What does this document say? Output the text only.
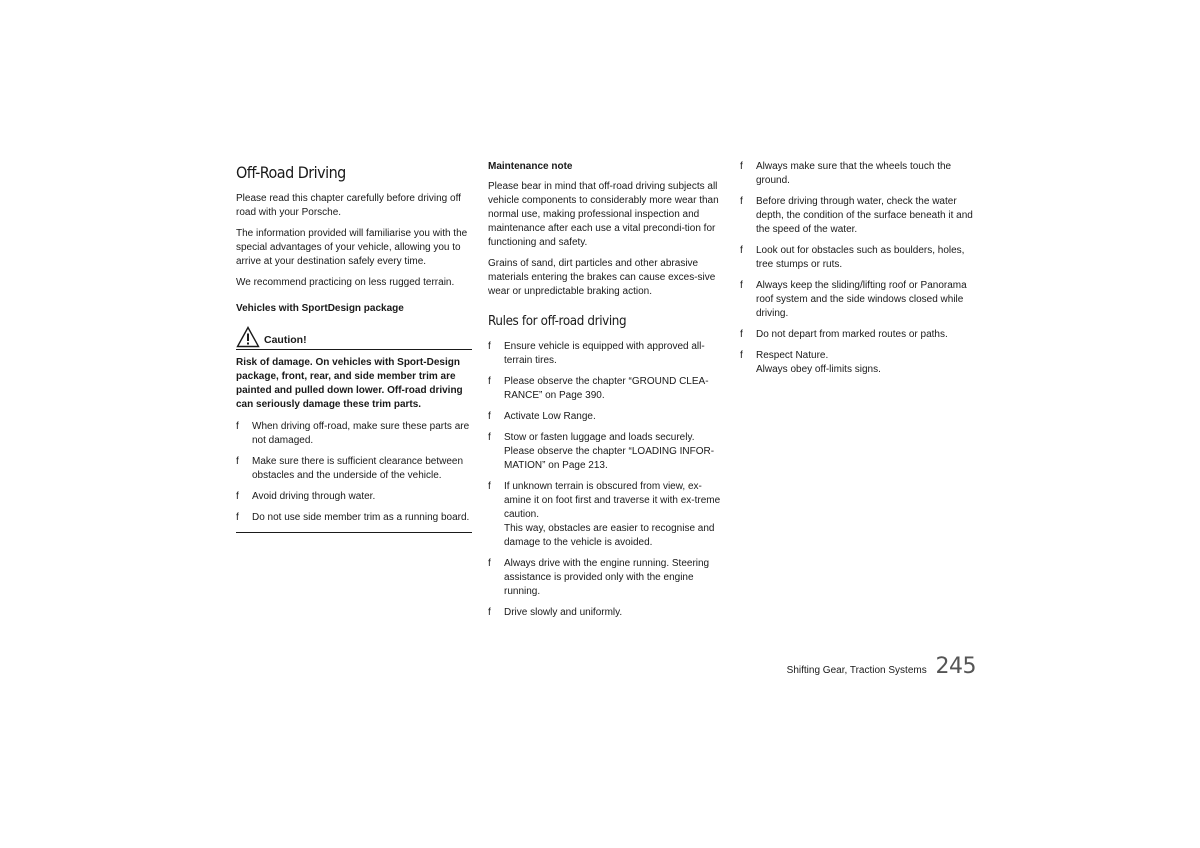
Off-Road Driving

Please read this chapter carefully before driving off road with your Porsche.

The information provided will familiarise you with the special advantages of your vehicle, allowing you to arrive at your destination safely every time.

We recommend practicing on less rugged terrain.

Vehicles with SportDesign package
Caution!

Risk of damage. On vehicles with Sport-Design package, front, rear, and side member trim are painted and pulled down lower. Off-road driving can seriously damage these trim parts.

f When driving off-road, make sure these parts are not damaged.
f Make sure there is sufficient clearance between obstacles and the underside of the vehicle.
f Avoid driving through water.
f Do not use side member trim as a running board.
Maintenance note

Please bear in mind that off-road driving subjects all vehicle components to considerably more wear than normal use, making professional inspection and maintenance after each use a vital precondi-tion for functioning and safety.

Grains of sand, dirt particles and other abrasive materials entering the brakes can cause exces-sive wear or unpredictable braking action.

Rules for off-road driving
f Ensure vehicle is equipped with approved all-terrain tires.
f Please observe the chapter “GROUND CLEA-RANCE” on Page 390.
f Activate Low Range.
f Stow or fasten luggage and loads securely. Please observe the chapter “LOADING INFOR-MATION” on Page 213.
f If unknown terrain is obscured from view, ex-amine it on foot first and traverse it with ex-treme caution.
This way, obstacles are easier to recognise and damage to the vehicle is avoided.
f Always drive with the engine running. Steering assistance is provided only with the engine running.
f Drive slowly and uniformly.
f Always make sure that the wheels touch the ground.
f Before driving through water, check the water depth, the condition of the surface beneath it and the speed of the water.
f Look out for obstacles such as boulders, holes, tree stumps or ruts.
f Always keep the sliding/lifting roof or Panorama roof system and the side windows closed while driving.
f Do not depart from marked routes or paths.
f Respect Nature.
Always obey off-limits signs.
Shifting Gear, Traction Systems 245
